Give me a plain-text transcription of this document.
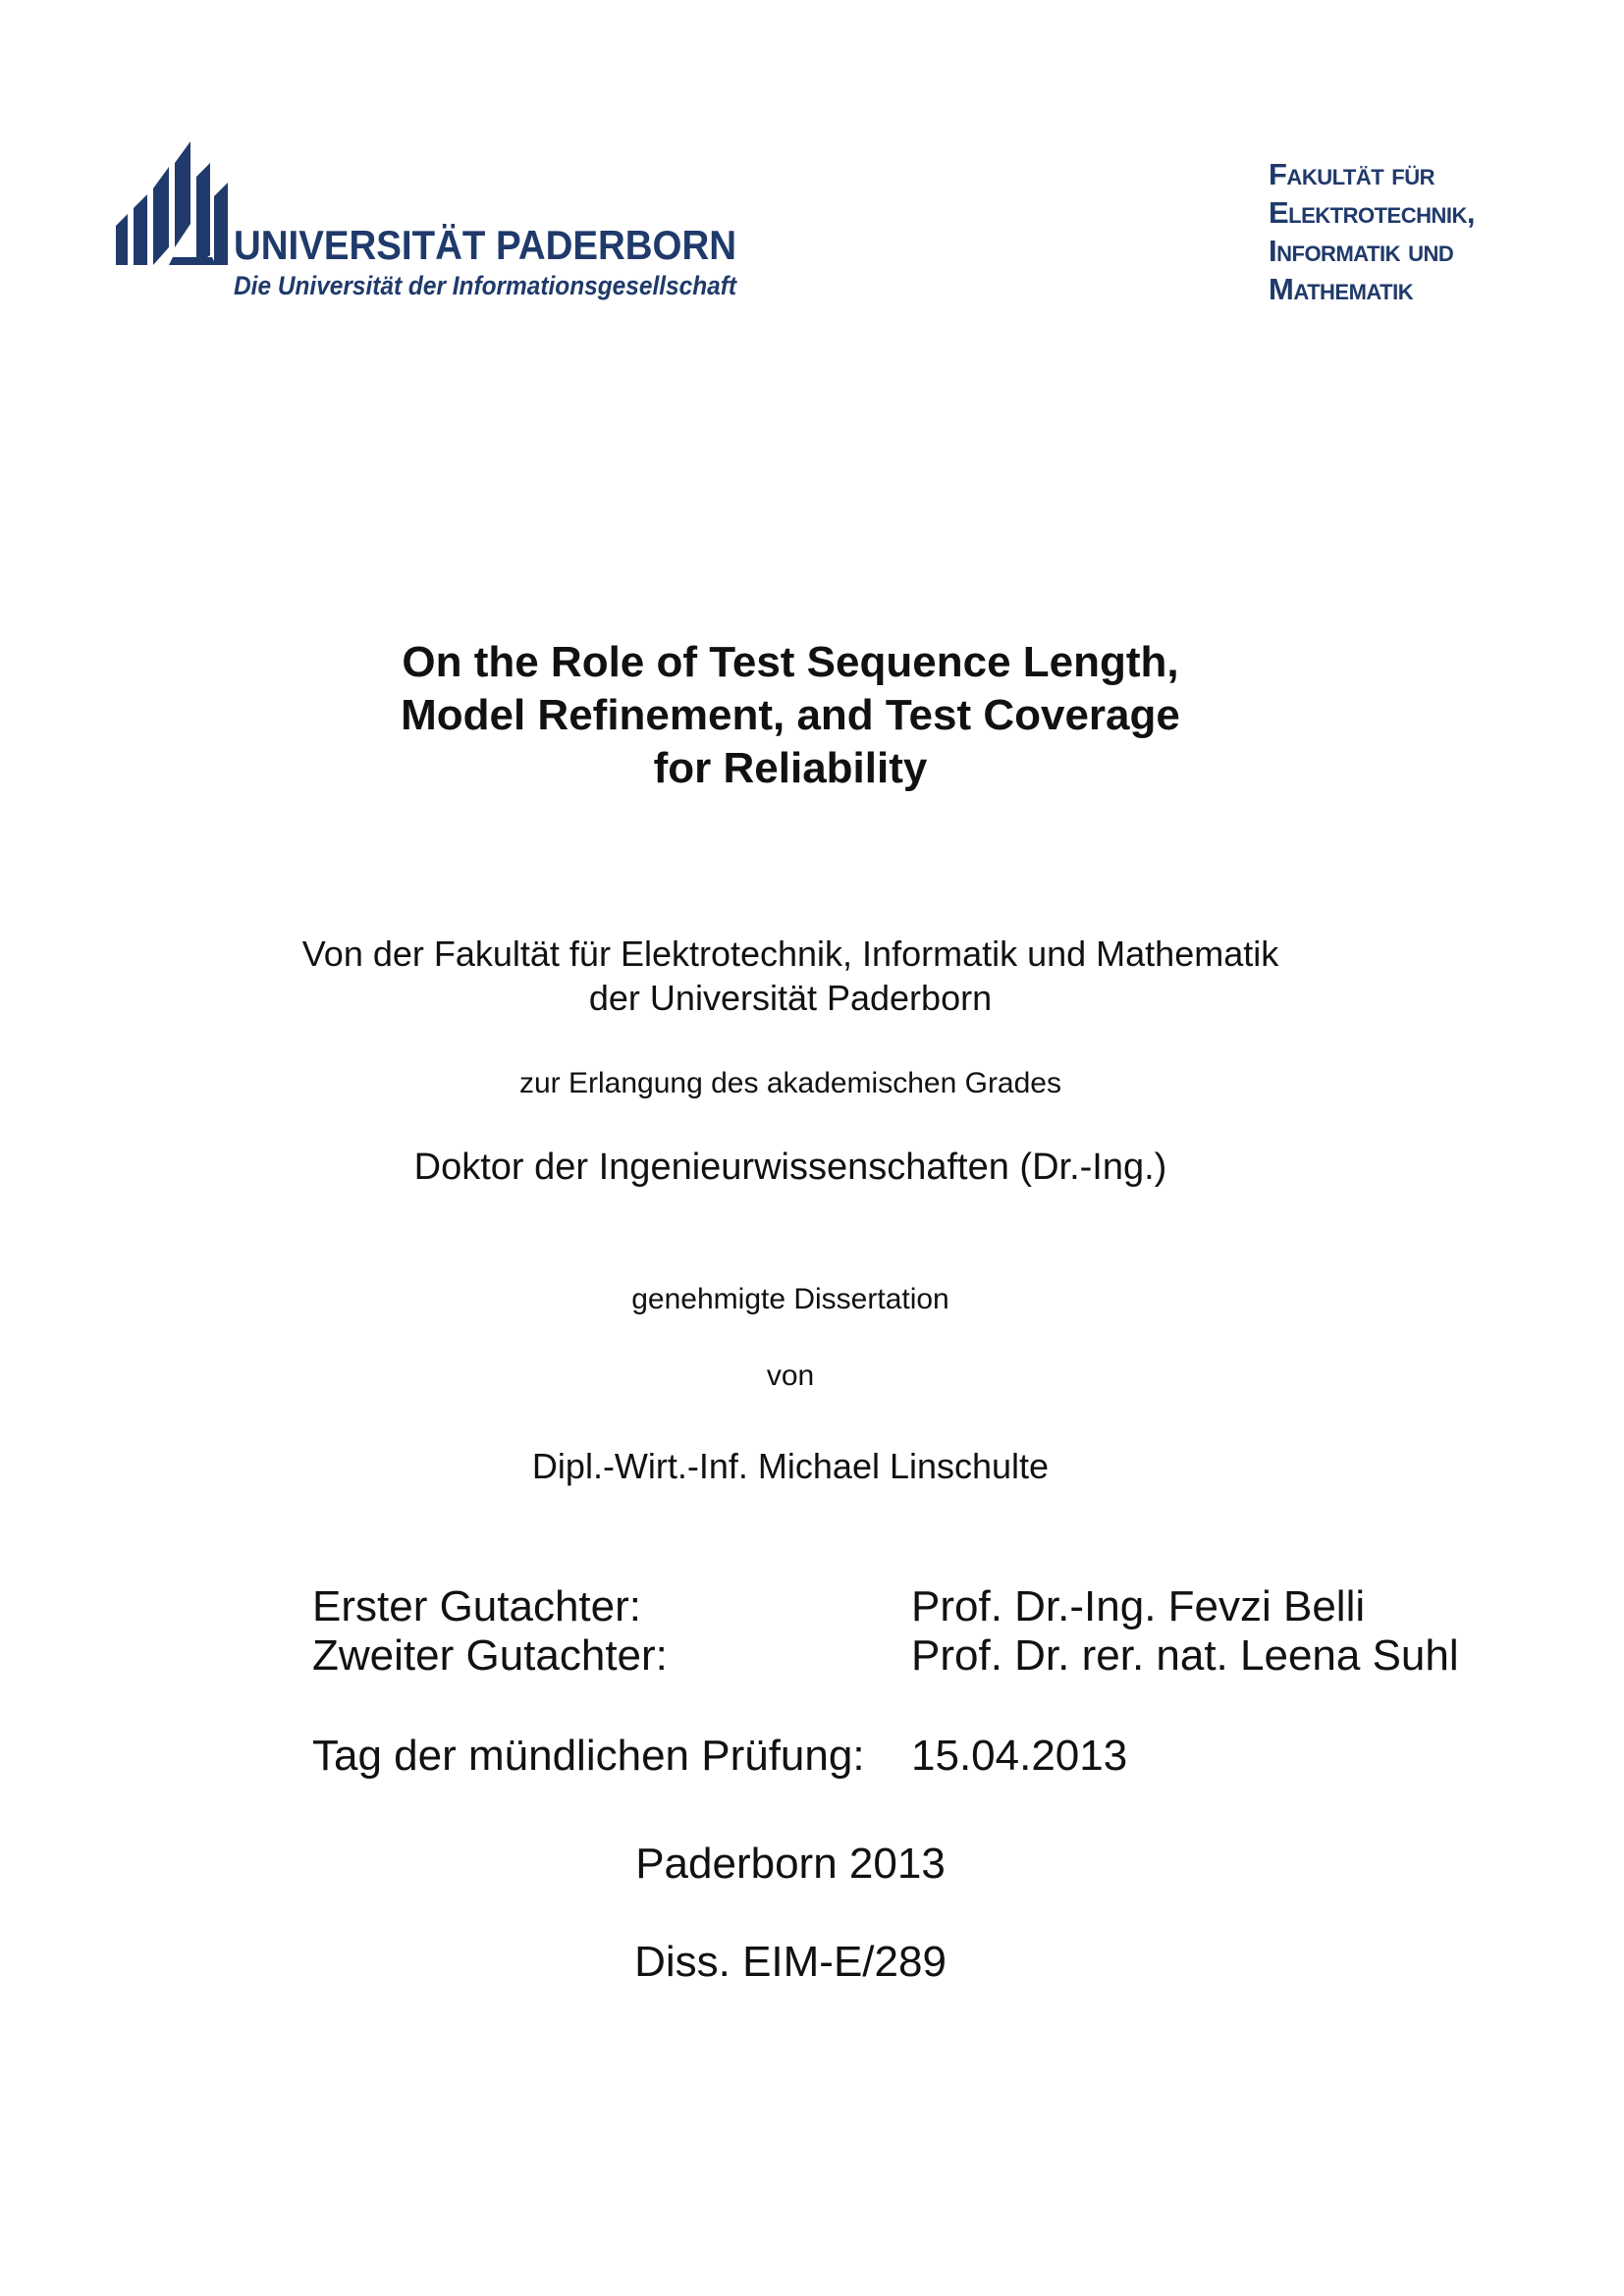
UNIVERSITÄT PADERBORN
Die Universität der Informationsgesellschaft
Fakultät für
Elektrotechnik,
Informatik und
Mathematik
On the Role of Test Sequence Length,
Model Refinement, and Test Coverage
for Reliability
Von der Fakultät für Elektrotechnik, Informatik und Mathematik
der Universität Paderborn
zur Erlangung des akademischen Grades
Doktor der Ingenieurwissenschaften (Dr.-Ing.)
genehmigte Dissertation
von
Dipl.-Wirt.-Inf. Michael Linschulte
Erster Gutachter:	Prof. Dr.-Ing. Fevzi Belli
Zweiter Gutachter:	Prof. Dr. rer. nat. Leena Suhl
Tag der mündlichen Prüfung:	15.04.2013
Paderborn 2013
Diss. EIM-E/289
